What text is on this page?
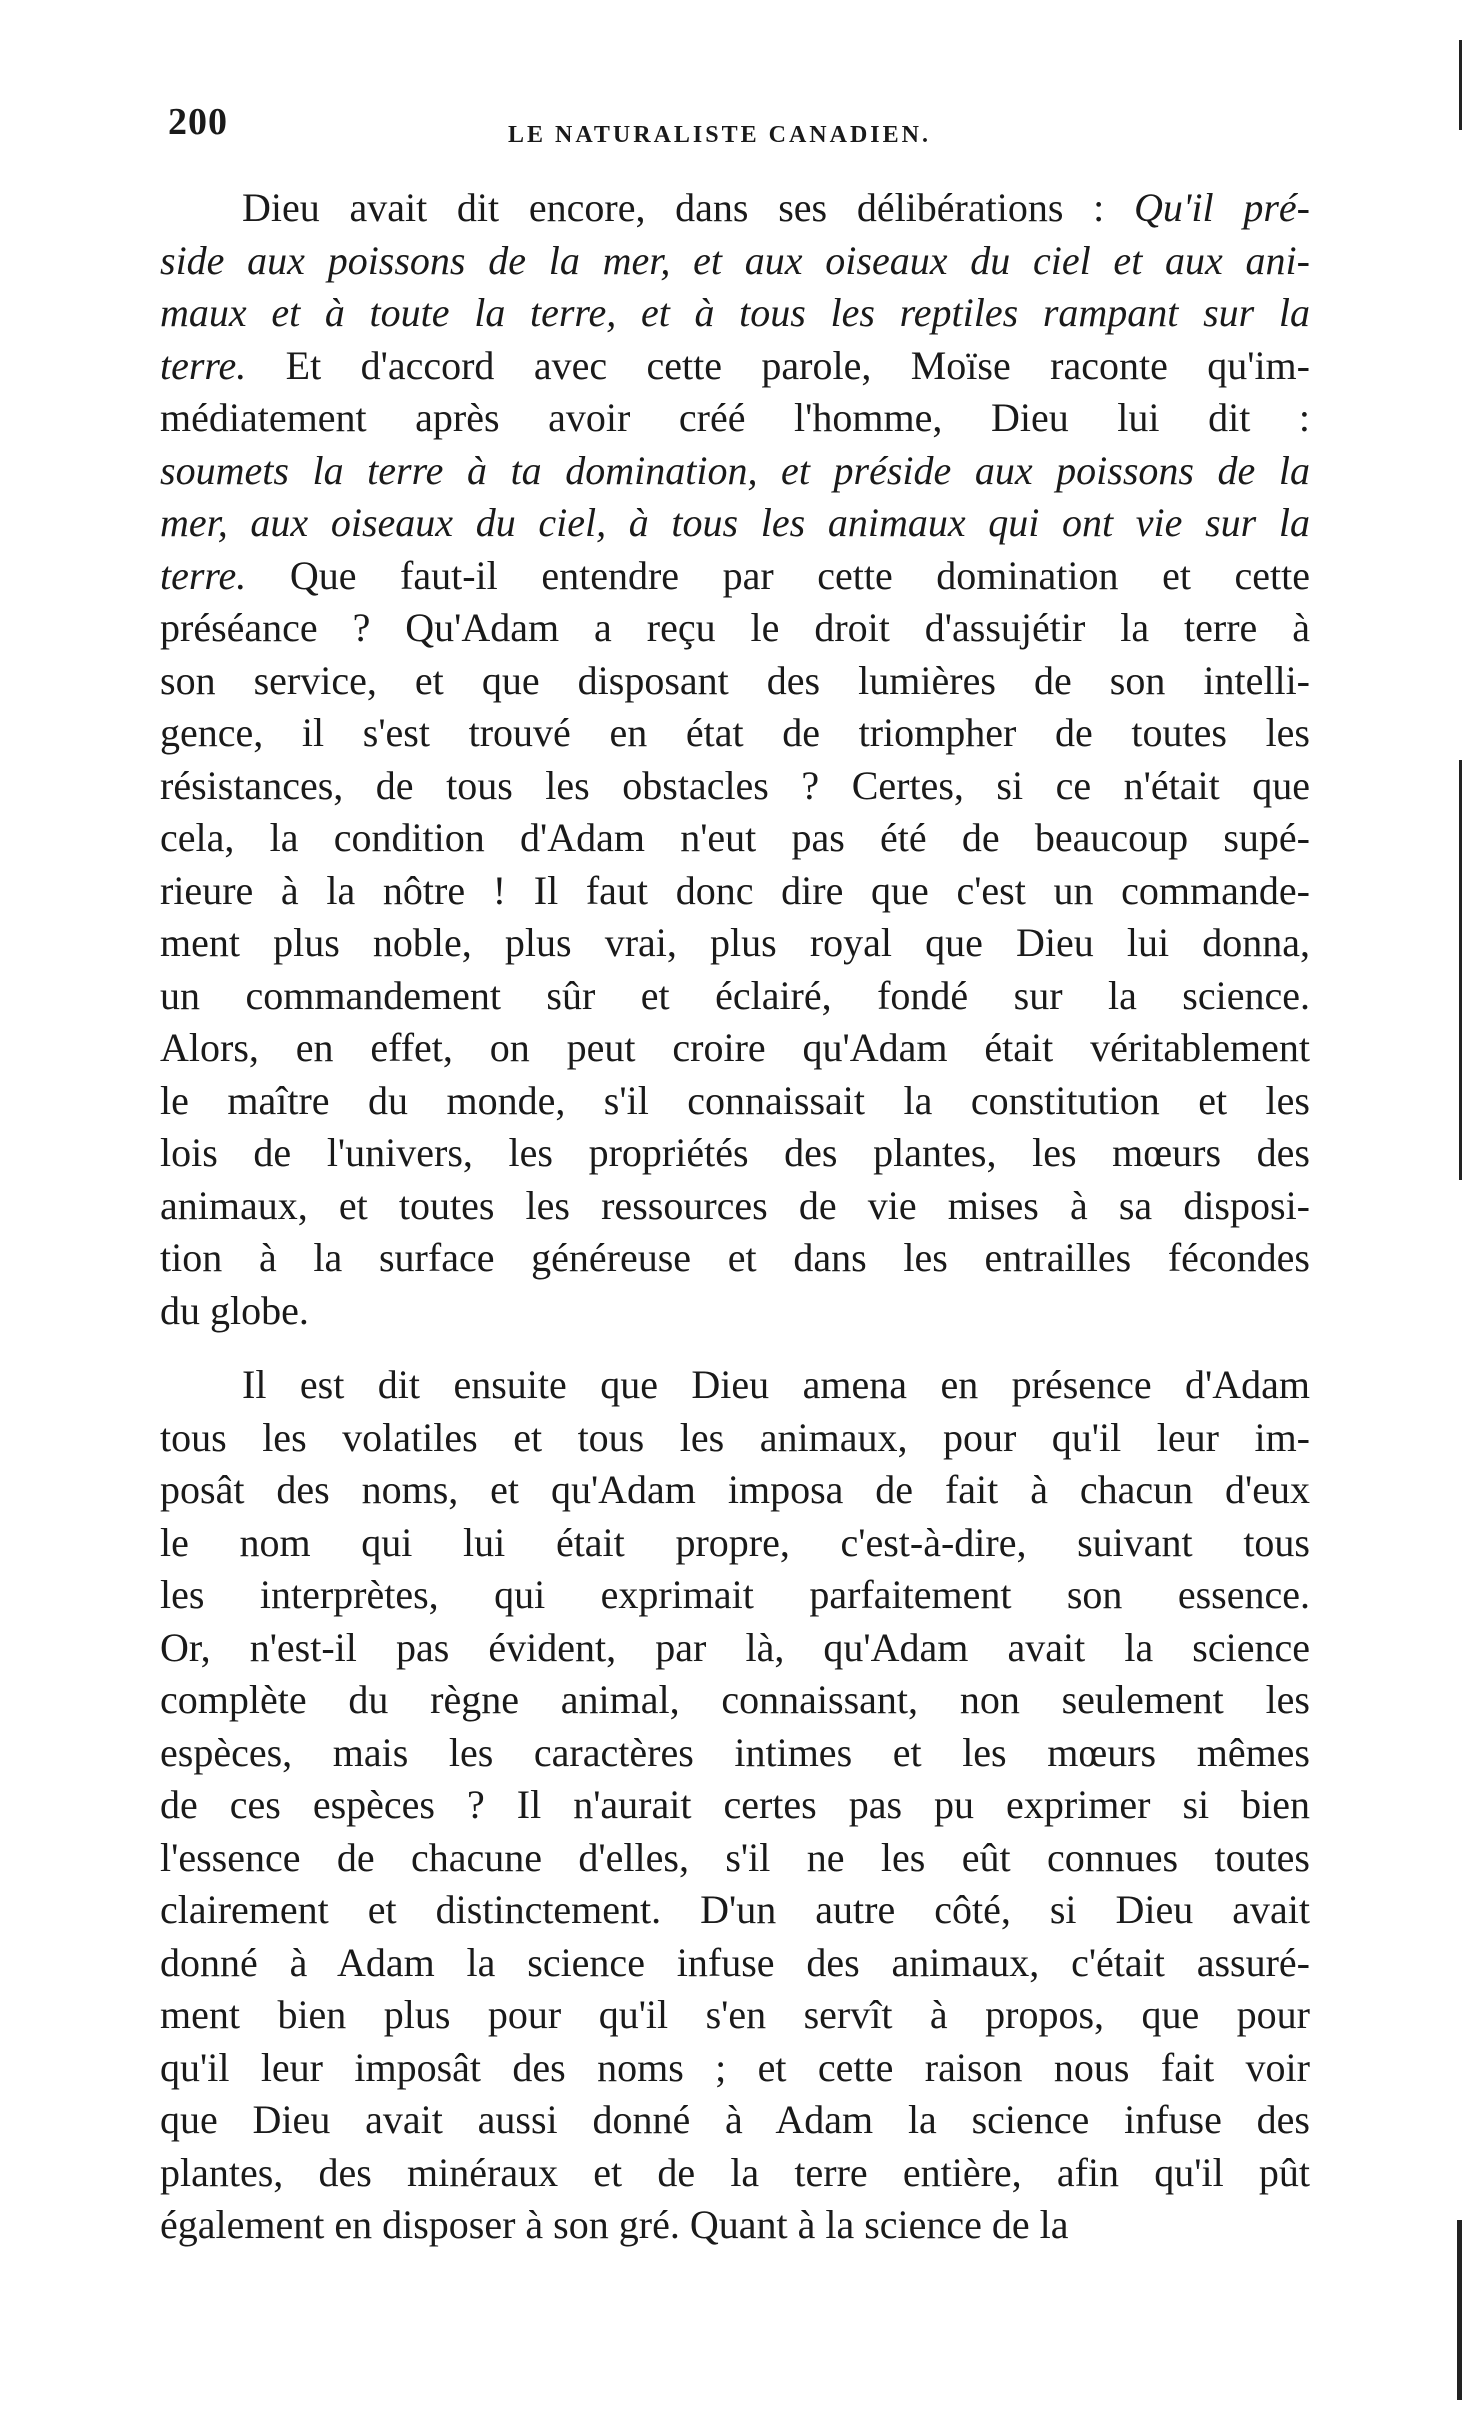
200	LE NATURALISTE CANADIEN.
Dieu avait dit encore, dans ses délibérations : Qu'il pré-
side aux poissons de la mer, et aux oiseaux du ciel et aux ani-
maux et à toute la terre, et à tous les reptiles rampant sur la
terre. Et d'accord avec cette parole, Moïse raconte qu'im-
médiatement après avoir créé l'homme, Dieu lui dit :
soumets la terre à ta domination, et préside aux poissons de la
mer, aux oiseaux du ciel, à tous les animaux qui ont vie sur la
terre. Que faut-il entendre par cette domination et cette
préséance ? Qu'Adam a reçu le droit d'assujétir la terre à
son service, et que disposant des lumières de son intelli-
gence, il s'est trouvé en état de triompher de toutes les
résistances, de tous les obstacles ? Certes, si ce n'était que
cela, la condition d'Adam n'eut pas été de beaucoup supé-
rieure à la nôtre ! Il faut donc dire que c'est un commande-
ment plus noble, plus vrai, plus royal que Dieu lui donna,
un commandement sûr et éclairé, fondé sur la science.
Alors, en effet, on peut croire qu'Adam était véritablement
le maître du monde, s'il connaissait la constitution et les
lois de l'univers, les propriétés des plantes, les mœurs des
animaux, et toutes les ressources de vie mises à sa disposi-
tion à la surface généreuse et dans les entrailles fécondes
du globe.
Il est dit ensuite que Dieu amena en présence d'Adam
tous les volatiles et tous les animaux, pour qu'il leur im-
posât des noms, et qu'Adam imposa de fait à chacun d'eux
le nom qui lui était propre, c'est-à-dire, suivant tous
les interprètes, qui exprimait parfaitement son essence.
Or, n'est-il pas évident, par là, qu'Adam avait la science
complète du règne animal, connaissant, non seulement les
espèces, mais les caractères intimes et les mœurs mêmes
de ces espèces ? Il n'aurait certes pas pu exprimer si bien
l'essence de chacune d'elles, s'il ne les eût connues toutes
clairement et distinctement. D'un autre côté, si Dieu avait
donné à Adam la science infuse des animaux, c'était assuré-
ment bien plus pour qu'il s'en servît à propos, que pour
qu'il leur imposât des noms ; et cette raison nous fait voir
que Dieu avait aussi donné à Adam la science infuse des
plantes, des minéraux et de la terre entière, afin qu'il pût
également en disposer à son gré. Quant à la science de la
